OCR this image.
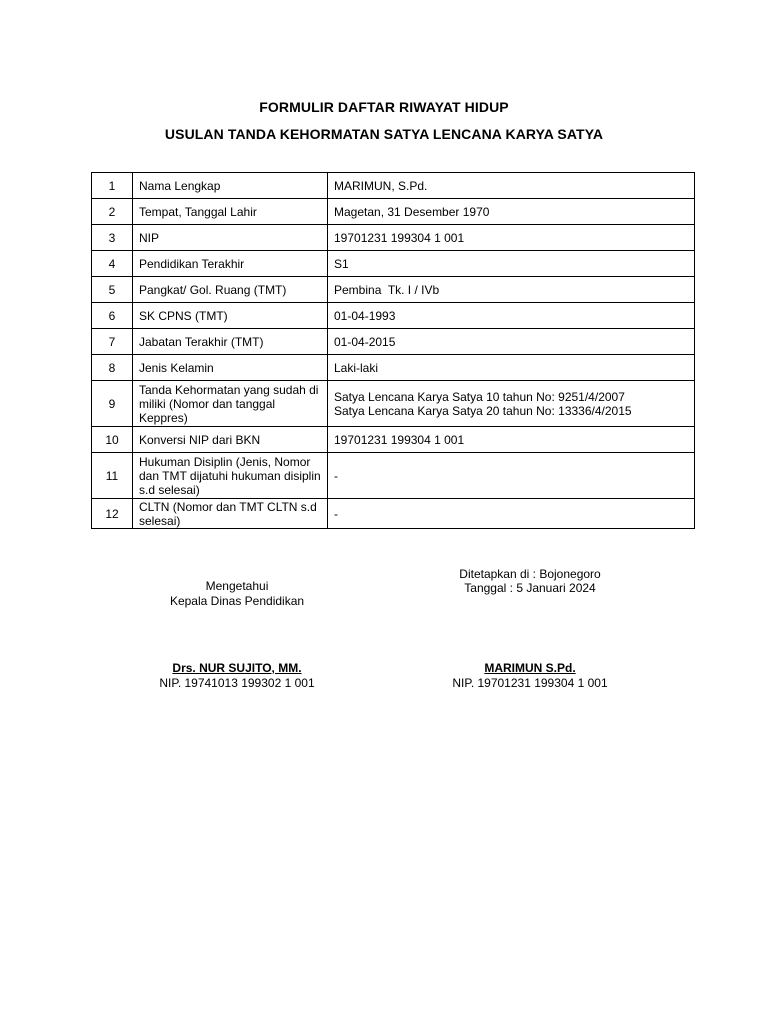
FORMULIR DAFTAR RIWAYAT HIDUP
USULAN TANDA KEHORMATAN SATYA LENCANA KARYA SATYA
1	Nama Lengkap	MARIMUN, S.Pd.
2	Tempat, Tanggal Lahir	Magetan, 31 Desember 1970
3	NIP	19701231 199304 1 001
4	Pendidikan Terakhir	S1
5	Pangkat/ Gol. Ruang (TMT)	Pembina  Tk. I / IVb
6	SK CPNS (TMT)	01-04-1993
7	Jabatan Terakhir (TMT)	01-04-2015
8	Jenis Kelamin	Laki-laki
9	Tanda Kehormatan yang sudah di miliki (Nomor dan tanggal Keppres)	Satya Lencana Karya Satya 10 tahun No: 9251/4/2007
Satya Lencana Karya Satya 20 tahun No: 13336/4/2015
10	Konversi NIP dari BKN	19701231 199304 1 001
11	Hukuman Disiplin (Jenis, Nomor dan TMT dijatuhi hukuman disiplin s.d selesai)	-
12	CLTN (Nomor dan TMT CLTN s.d selesai)	-
Ditetapkan di : Bojonegoro
Tanggal : 5 Januari 2024
Mengetahui
Kepala Dinas Pendidikan
Drs. NUR SUJITO, MM.
NIP. 19741013 199302 1 001
MARIMUN S.Pd.
NIP. 19701231 199304 1 001
